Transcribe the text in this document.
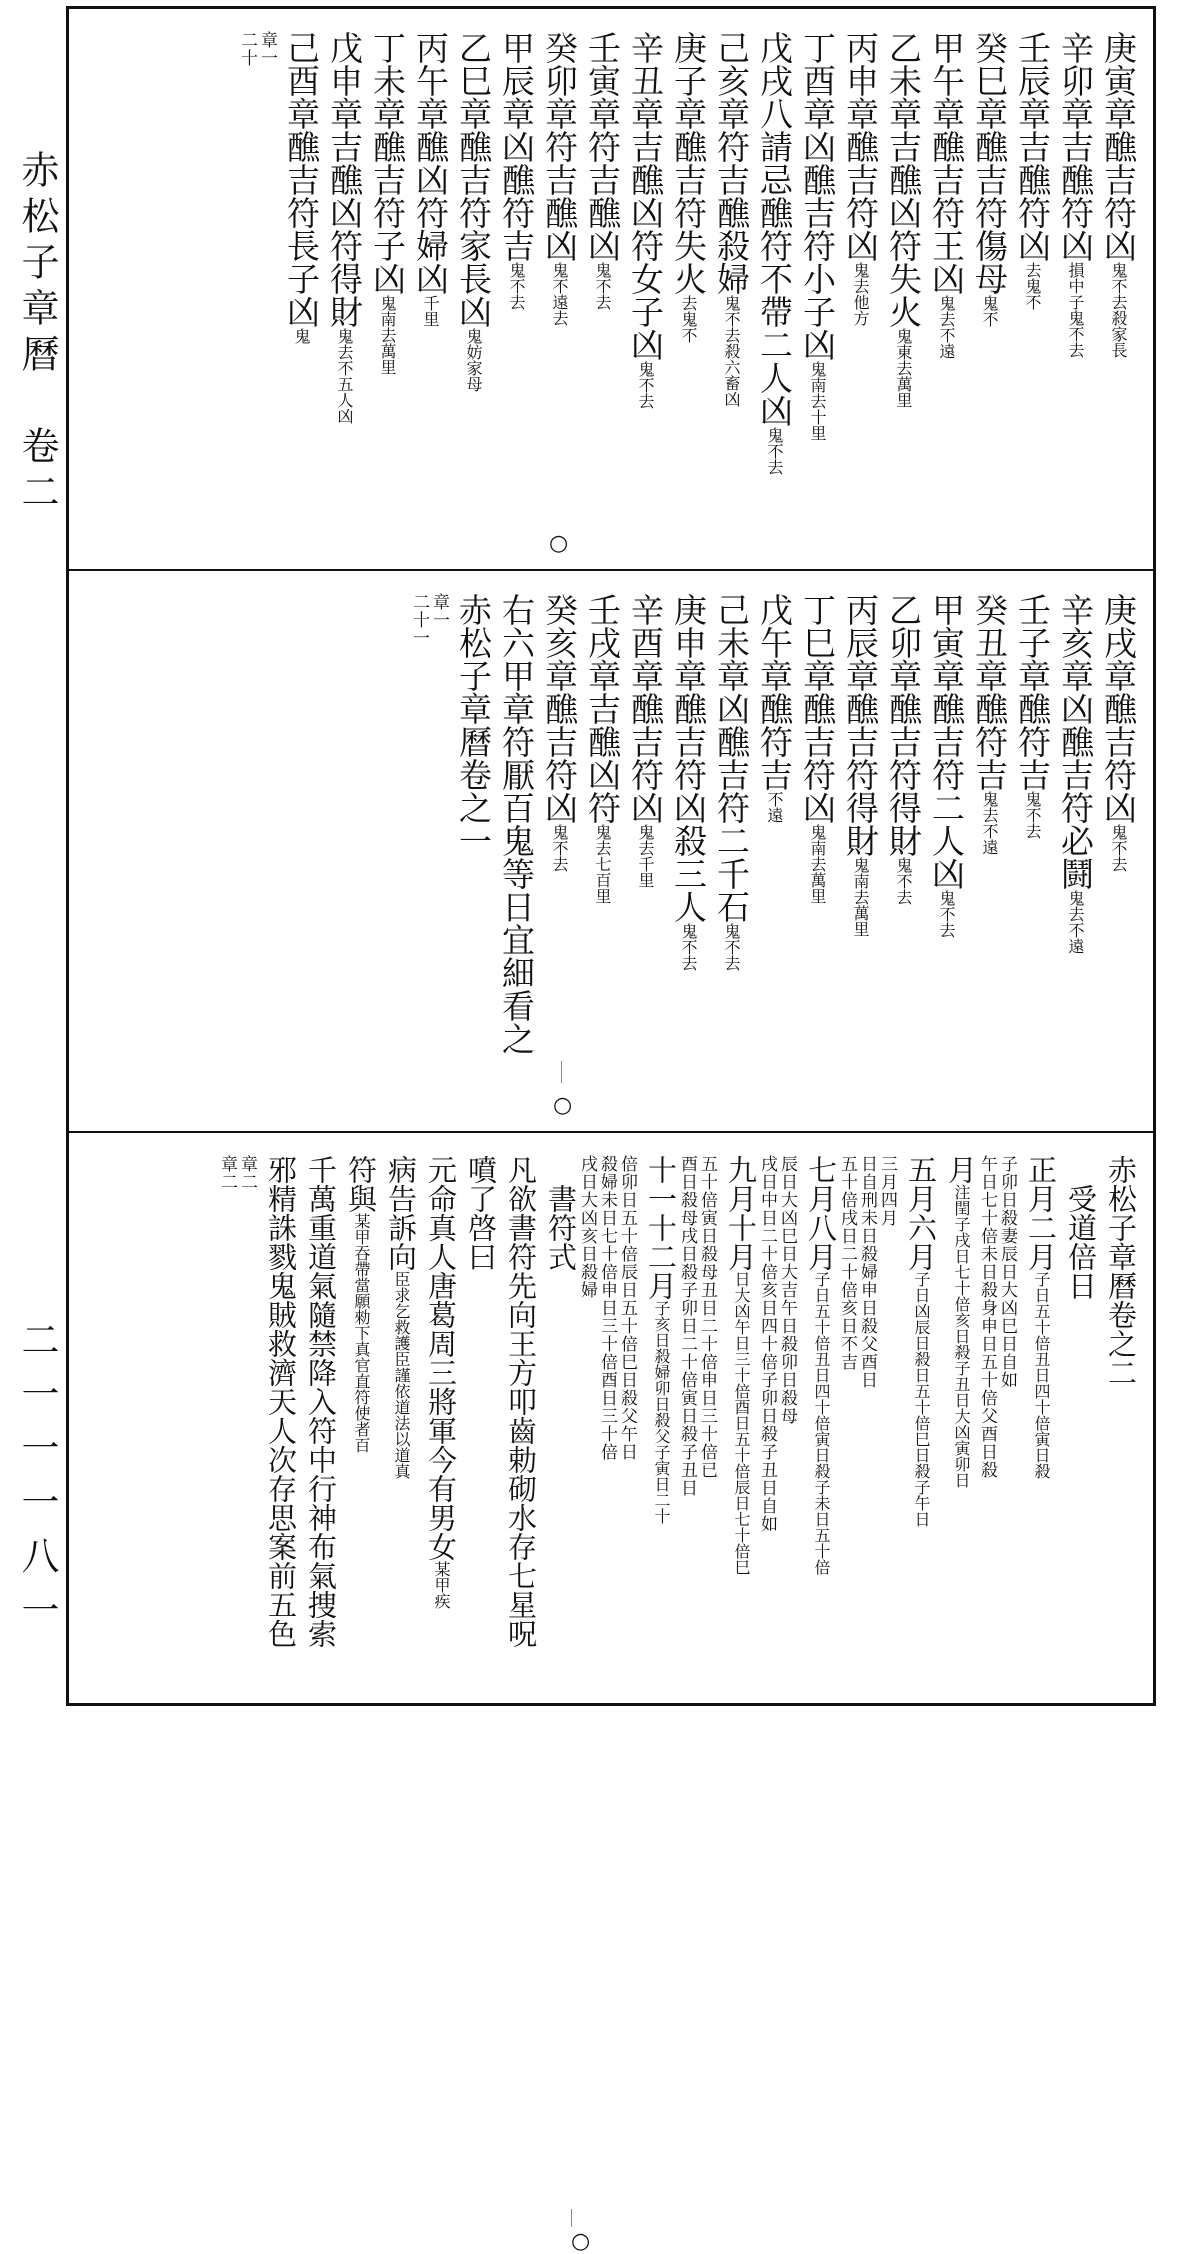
赤松子章曆　卷二
二一一一八一
庚寅章醮吉符凶鬼不去殺家長
辛卯章吉醮符凶損中子鬼不去
壬辰章吉醮符凶去鬼不
癸巳章醮吉符傷母鬼不
甲午章醮吉符王凶鬼去不遠
乙未章吉醮凶符失火鬼東去萬里
丙申章醮吉符凶鬼去他方
丁酉章凶醮吉符小子凶鬼南去十里
戊戌八請忌醮符不帶二人凶鬼不去
己亥章符吉醮殺婦鬼不去殺六畜凶
庚子章醮吉符失火去鬼不
辛丑章吉醮凶符女子凶鬼不去
壬寅章符吉醮凶鬼不去
癸卯章符吉醮凶鬼不遠去
甲辰章凶醮符吉鬼不去
乙巳章醮吉符家長凶鬼妨家母
丙午章醮凶符婦凶千里
丁未章醮吉符子凶鬼南去萬里
戊申章吉醮凶符得財鬼去不五人凶
己酉章醮吉符長子凶鬼
章一
二十
○
庚戌章醮吉符凶鬼不去
辛亥章凶醮吉符必鬪鬼去不遠
壬子章醮符吉鬼不去
癸丑章醮符吉鬼去不遠
甲寅章醮吉符二人凶鬼不去
乙卯章醮吉符得財鬼不去
丙辰章醮吉符得財鬼南去萬里
丁巳章醮吉符凶鬼南去萬里
戊午章醮符吉不遠
己未章凶醮吉符二千石鬼不去
庚申章醮吉符凶殺三人鬼不去
辛酉章醮吉符凶鬼去千里
壬戌章吉醮凶符鬼去七百里
癸亥章醮吉符凶鬼不去
右六甲章符厭百鬼等日宜細看之
赤松子章曆卷之一
章一
二十一
○
赤松子章曆卷之二
　受道倍日
正月二月子日五十倍丑日四十倍寅日殺
子卯日殺妻辰日大凶巳日自如
午日七十倍未日殺身申日五十倍父酉日殺
月注閏子戌日七十倍亥日殺子丑日大凶寅卯日
五月六月子日凶辰日殺日五十倍巳日殺子午日
三月四月
日自刑未日殺婦申日殺父酉日
五十倍戌日二十倍亥日不吉
七月八月子日五十倍丑日四十倍寅日殺子未日五十倍
辰日大凶巳日大吉午日殺卯日殺母
戌日中日二十倍亥日四十倍子卯日殺子丑日自如
九月十月日大凶午日三十倍酉日五十倍辰日七十倍巳
五十倍寅日殺母丑日二十倍申日三十倍已
酉日殺母戌日殺子卯日二十倍寅日殺子丑日
十一十二月子亥日殺婦卯日殺父子寅日二十
倍卯日五十倍辰日五十倍巳日殺父午日
殺婦未日七十倍申日三十倍酉日三十倍
戌日大凶亥日殺婦
　書符式
凡欲書符先向王方叩齒勅砌水存七星呪
噴了啓曰
元命真人唐葛周三將軍今有男女某甲疾
病告訴向臣求乞救護臣謹依道法以道真
符與某甲吞帶當願勑下真官直符使者百
千萬重道氣隨禁降入符中行神布氣捜索
邪精誅戮鬼賊救濟天人次存思案前五色
章二
章二
○
